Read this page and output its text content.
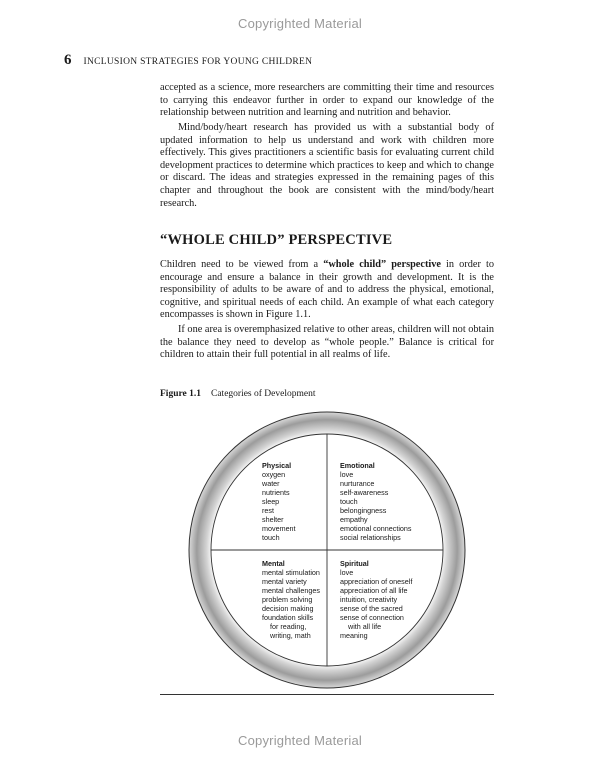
Copyrighted Material
6 INCLUSION STRATEGIES FOR YOUNG CHILDREN

accepted as a science, more researchers are committing their time and resources to carrying this endeavor further in order to expand our knowledge of the relationship between nutrition and learning and nutrition and behavior.

Mind/body/heart research has provided us with a substantial body of updated information to help us understand and work with children more effectively. This gives practitioners a scientific basis for evaluating current child development practices to determine which practices to keep and which to change or discard. The ideas and strategies expressed in the remaining pages of this chapter and throughout the book are consistent with the mind/body/heart research.

“WHOLE CHILD” PERSPECTIVE

Children need to be viewed from a “whole child” perspective in order to encourage and ensure a balance in their growth and development. It is the responsibility of adults to be aware of and to address the physical, emotional, cognitive, and spiritual needs of each child. An example of what each category encompasses is shown in Figure 1.1.

If one area is overemphasized relative to other areas, children will not obtain the balance they need to develop as “whole people.” Balance is critical for children to attain their full potential in all realms of life.

Figure 1.1 Categories of Development
Physical
oxygen
water
nutrients
sleep
rest
shelter
movement
touch
Emotional
love
nurturance
self-awareness
touch
belongingness
empathy
emotional connections
social relationships
Mental
mental stimulation
mental variety
mental challenges
problem solving
decision making
foundation skills
for reading,
writing, math
Spiritual
love
appreciation of oneself
appreciation of all life
intuition, creativity
sense of the sacred
sense of connection
with all life
meaning
Copyrighted Material
